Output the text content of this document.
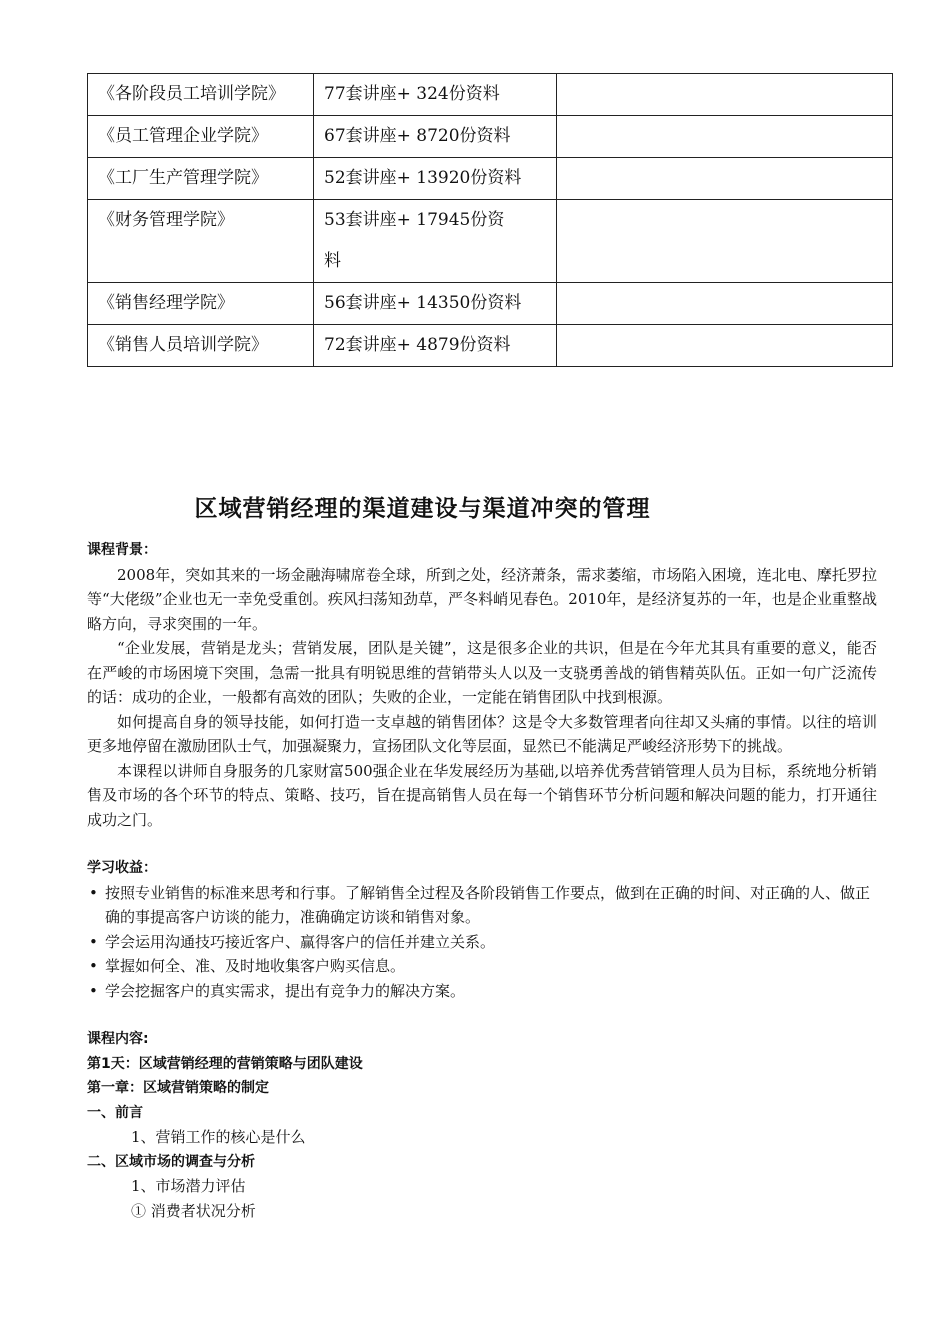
《各阶段员工培训学院》	77套讲座+ 324份资料	
《员工管理企业学院》	67套讲座+ 8720份资料	
《工厂生产管理学院》	52套讲座+ 13920份资料	
《财务管理学院》	53套讲座+ 17945份资料	
《销售经理学院》	56套讲座+ 14350份资料	
《销售人员培训学院》	72套讲座+ 4879份资料	
区域营销经理的渠道建设与渠道冲突的管理
课程背景：

2008年，突如其来的一场金融海啸席卷全球，所到之处，经济萧条，需求萎缩，市场陷入困境，连北电、摩托罗拉等“大佬级”企业也无一幸免受重创。疾风扫荡知劲草，严冬料峭见春色。2010年，是经济复苏的一年，也是企业重整战略方向，寻求突围的一年。

“企业发展，营销是龙头；营销发展，团队是关键”，这是很多企业的共识，但是在今年尤其具有重要的意义，能否在严峻的市场困境下突围，急需一批具有明锐思维的营销带头人以及一支骁勇善战的销售精英队伍。正如一句广泛流传的话：成功的企业，一般都有高效的团队；失败的企业，一定能在销售团队中找到根源。

如何提高自身的领导技能，如何打造一支卓越的销售团体？这是令大多数管理者向往却又头痛的事情。以往的培训更多地停留在激励团队士气，加强凝聚力，宣扬团队文化等层面，显然已不能满足严峻经济形势下的挑战。

本课程以讲师自身服务的几家财富500强企业在华发展经历为基础,以培养优秀营销管理人员为目标，系统地分析销售及市场的各个环节的特点、策略、技巧，旨在提高销售人员在每一个销售环节分析问题和解决问题的能力，打开通往成功之门。

学习收益：
• 按照专业销售的标准来思考和行事。了解销售全过程及各阶段销售工作要点，做到在正确的时间、对正确的人、做正确的事提高客户访谈的能力，准确确定访谈和销售对象。
• 学会运用沟通技巧接近客户、赢得客户的信任并建立关系。
• 掌握如何全、准、及时地收集客户购买信息。
• 学会挖掘客户的真实需求，提出有竞争力的解决方案。
课程内容:
第1天：区域营销经理的营销策略与团队建设
第一章：区域营销策略的制定
一、前言
1、营销工作的核心是什么
二、区域市场的调查与分析
1、市场潜力评估
① 消费者状况分析
